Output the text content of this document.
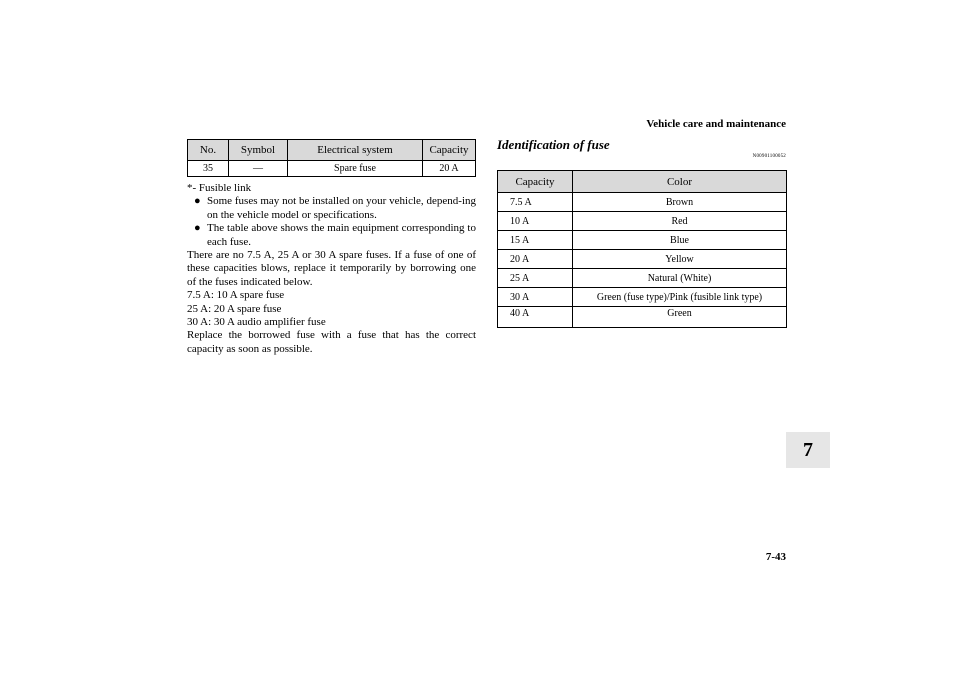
Vehicle care and maintenance
No.	Symbol	Electrical system	Capacity
35	—	Spare fuse	20 A

*- Fusible link

● Some fuses may not be installed on your vehicle, depend-ing on the vehicle model or specifications.
● The table above shows the main equipment corresponding to each fuse.

There are no 7.5 A, 25 A or 30 A spare fuses. If a fuse of one of these capacities blows, replace it temporarily by borrowing one of the fuses indicated below.

7.5 A: 10 A spare fuse

25 A: 20 A spare fuse

30 A: 30 A audio amplifier fuse

Replace the borrowed fuse with a fuse that has the correct capacity as soon as possible.

Identification of fuse
N00901100052
Capacity	Color
7.5 A	Brown
10 A	Red
15 A	Blue
20 A	Yellow
25 A	Natural (White)
30 A	Green (fuse type)/Pink (fusible link type)
40 A	Green
7
7-43
